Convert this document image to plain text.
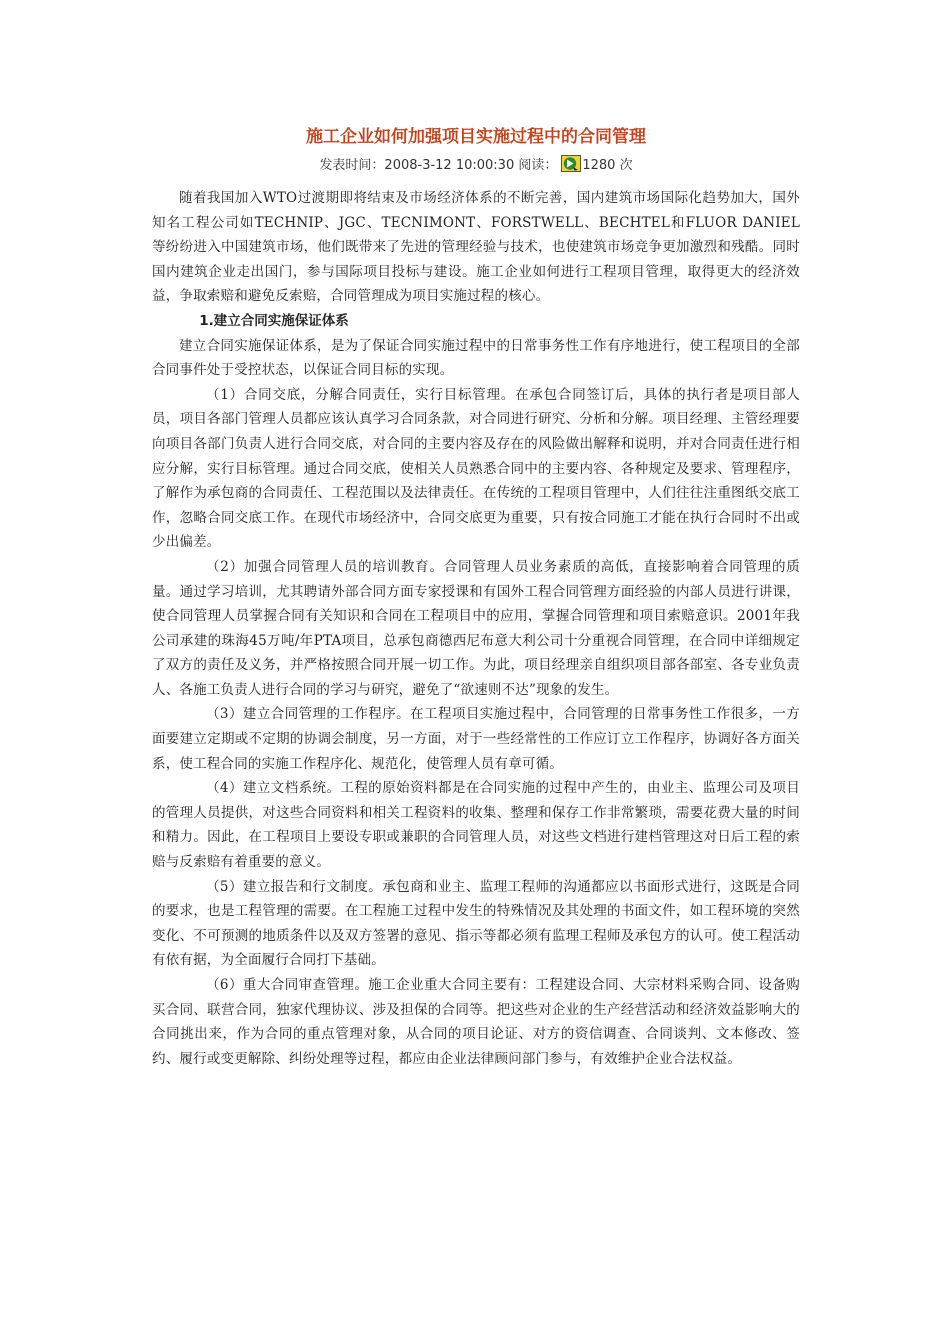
施工企业如何加强项目实施过程中的合同管理
发表时间：2008-3-12 10:00:30 阅读： 1280 次

随着我国加入WTO过渡期即将结束及市场经济体系的不断完善，国内建筑市场国际化趋势加大，国外知名工程公司如TECHNIP、JGC、TECNIMONT、FORSTWELL、BECHTEL和FLUOR DANIEL 等纷纷进入中国建筑市场，他们既带来了先进的管理经验与技术，也使建筑市场竞争更加激烈和残酷。同时国内建筑企业走出国门，参与国际项目投标与建设。施工企业如何进行工程项目管理，取得更大的经济效益，争取索赔和避免反索赔，合同管理成为项目实施过程的核心。

1.建立合同实施保证体系

建立合同实施保证体系，是为了保证合同实施过程中的日常事务性工作有序地进行，使工程项目的全部合同事件处于受控状态，以保证合同目标的实现。

（1）合同交底，分解合同责任，实行目标管理。在承包合同签订后，具体的执行者是项目部人员，项目各部门管理人员都应该认真学习合同条款，对合同进行研究、分析和分解。项目经理、主管经理要向项目各部门负责人进行合同交底，对合同的主要内容及存在的风险做出解释和说明，并对合同责任进行相应分解，实行目标管理。通过合同交底，使相关人员熟悉合同中的主要内容、各种规定及要求、管理程序，了解作为承包商的合同责任、工程范围以及法律责任。在传统的工程项目管理中，人们往往注重图纸交底工作，忽略合同交底工作。在现代市场经济中，合同交底更为重要，只有按合同施工才能在执行合同时不出或少出偏差。

（2）加强合同管理人员的培训教育。合同管理人员业务素质的高低，直接影响着合同管理的质量。通过学习培训，尤其聘请外部合同方面专家授课和有国外工程合同管理方面经验的内部人员进行讲课，使合同管理人员掌握合同有关知识和合同在工程项目中的应用，掌握合同管理和项目索赔意识。2001年我公司承建的珠海45万吨/年PTA项目，总承包商德西尼布意大利公司十分重视合同管理，在合同中详细规定了双方的责任及义务，并严格按照合同开展一切工作。为此，项目经理亲自组织项目部各部室、各专业负责人、各施工负责人进行合同的学习与研究，避免了“欲速则不达”现象的发生。

（3）建立合同管理的工作程序。在工程项目实施过程中，合同管理的日常事务性工作很多，一方面要建立定期或不定期的协调会制度，另一方面，对于一些经常性的工作应订立工作程序，协调好各方面关系，使工程合同的实施工作程序化、规范化，使管理人员有章可循。

（4）建立文档系统。工程的原始资料都是在合同实施的过程中产生的，由业主、监理公司及项目的管理人员提供，对这些合同资料和相关工程资料的收集、整理和保存工作非常繁琐，需要花费大量的时间和精力。因此，在工程项目上要设专职或兼职的合同管理人员，对这些文档进行建档管理这对日后工程的索赔与反索赔有着重要的意义。

（5）建立报告和行文制度。承包商和业主、监理工程师的沟通都应以书面形式进行，这既是合同的要求，也是工程管理的需要。在工程施工过程中发生的特殊情况及其处理的书面文件，如工程环境的突然变化、不可预测的地质条件以及双方签署的意见、指示等都必须有监理工程师及承包方的认可。使工程活动有依有据，为全面履行合同打下基础。

（6）重大合同审查管理。施工企业重大合同主要有：工程建设合同、大宗材料采购合同、设备购买合同、联营合同，独家代理协议、涉及担保的合同等。把这些对企业的生产经营活动和经济效益影响大的合同挑出来，作为合同的重点管理对象，从合同的项目论证、对方的资信调查、合同谈判、文本修改、签约、履行或变更解除、纠纷处理等过程，都应由企业法律顾问部门参与，有效维护企业合法权益。
